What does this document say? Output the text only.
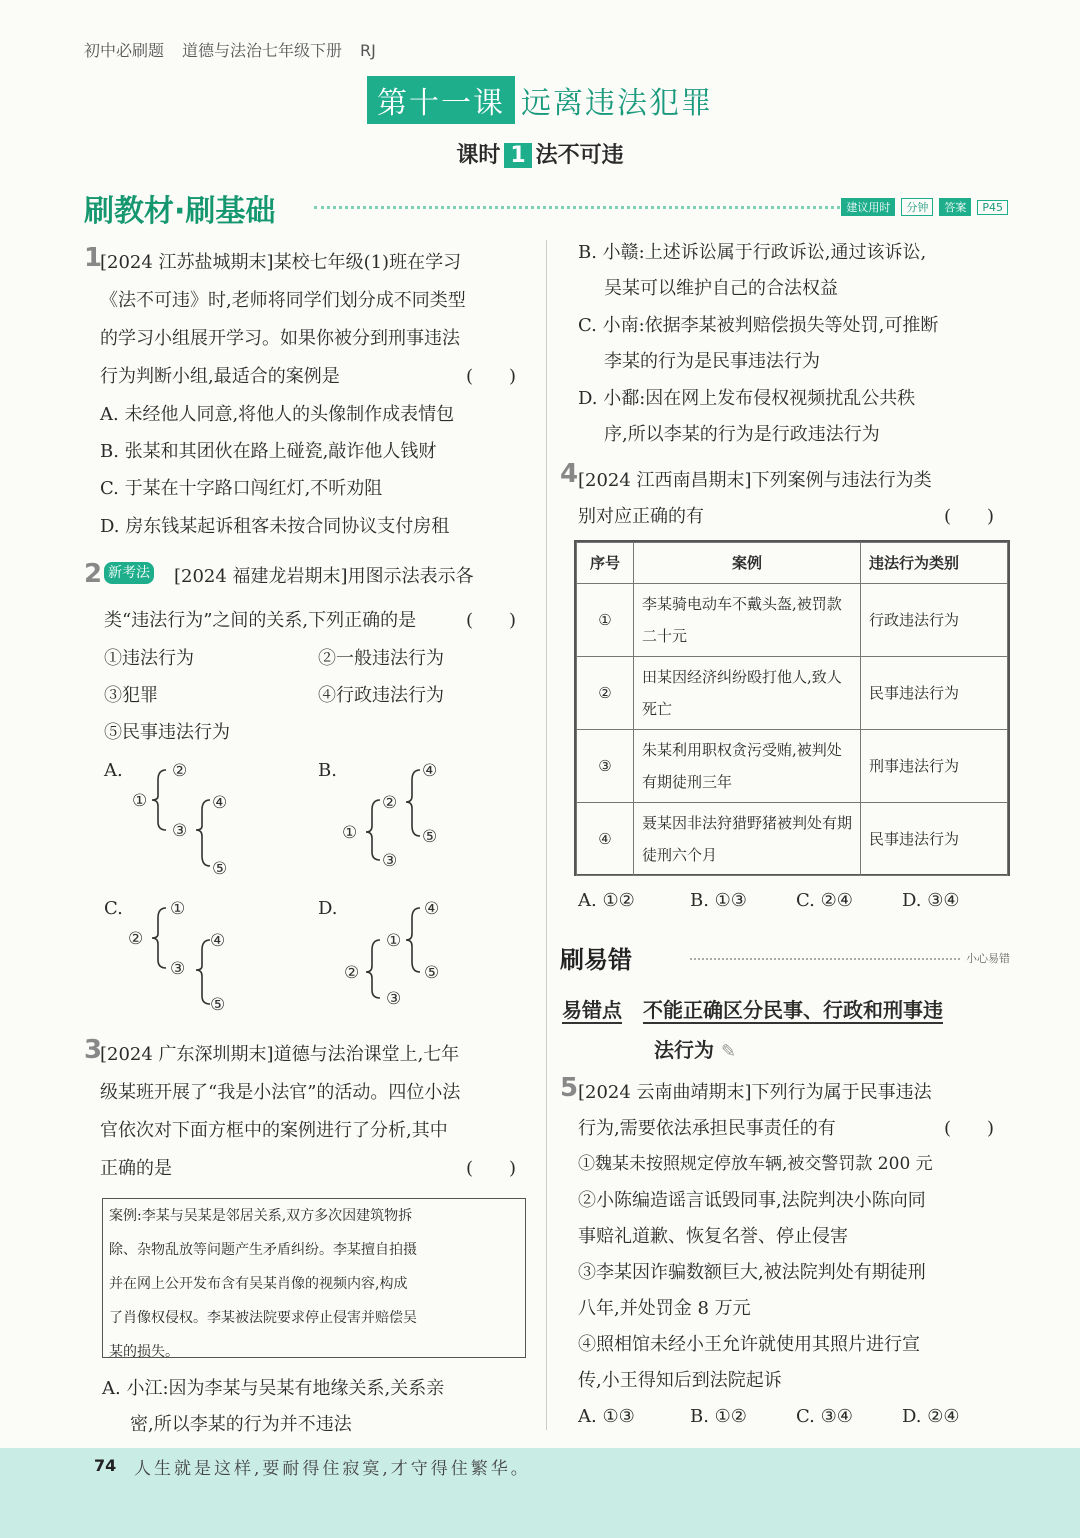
初中必刷题 道德与法治七年级下册 RJ
第十一课 远离违法犯罪
课时 1 法不可违
刷教材·刷基础	建议用时 分钟 答案 P45
1
[2024 江苏盐城期末]某校七年级(1)班在学习
《法不可违》时,老师将同学们划分成不同类型
的学习小组展开学习。如果你被分到刑事违法
行为判断小组,最适合的案例是	(　　)
A. 未经他人同意,将他人的头像制作成表情包
B. 张某和其团伙在路上碰瓷,敲诈他人钱财
C. 于某在十字路口闯红灯,不听劝阻
D. 房东钱某起诉租客未按合同协议支付房租
2 新考法 [2024 福建龙岩期末]用图示法表示各
类“违法行为”之间的关系,下列正确的是	(　　)
①违法行为	②一般违法行为
③犯罪	④行政违法行为
⑤民事违法行为
A.	B.
C.	D.
①
②
③
④
⑤
①
②
③
④
⑤
②
①
③
④
⑤
②
①
③
④
⑤
3
[2024 广东深圳期末]道德与法治课堂上,七年
级某班开展了“我是小法官”的活动。四位小法
官依次对下面方框中的案例进行了分析,其中
正确的是	(　　)
案例:李某与吴某是邻居关系,双方多次因建筑物拆
除、杂物乱放等问题产生矛盾纠纷。李某擅自拍摄
并在网上公开发布含有吴某肖像的视频内容,构成
了肖像权侵权。李某被法院要求停止侵害并赔偿吴
某的损失。
A. 小江:因为李某与吴某有地缘关系,关系亲
密,所以李某的行为并不违法
B. 小赣:上述诉讼属于行政诉讼,通过该诉讼,
吴某可以维护自己的合法权益
C. 小南:依据李某被判赔偿损失等处罚,可推断
李某的行为是民事违法行为
D. 小鄱:因在网上发布侵权视频扰乱公共秩
序,所以李某的行为是行政违法行为
4 [2024 江西南昌期末]下列案例与违法行为类
别对应正确的有	(　　)
序号	案例	违法行为类别
①	李某骑电动车不戴头盔,被罚款二十元	行政违法行为
②	田某因经济纠纷殴打他人,致人死亡	民事违法行为
③	朱某利用职权贪污受贿,被判处有期徒刑三年	刑事违法行为
④	聂某因非法狩猎野猪被判处有期徒刑六个月	民事违法行为
A. ①②	B. ①③	C. ②④	D. ③④
刷易错	小心易错
易错点 不能正确区分民事、行政和刑事违
法行为 ✎
5 [2024 云南曲靖期末]下列行为属于民事违法
行为,需要依法承担民事责任的有	(　　)
①魏某未按照规定停放车辆,被交警罚款 200 元
②小陈编造谣言诋毁同事,法院判决小陈向同
事赔礼道歉、恢复名誉、停止侵害
③李某因诈骗数额巨大,被法院判处有期徒刑
八年,并处罚金 8 万元
④照相馆未经小王允许就使用其照片进行宣
传,小王得知后到法院起诉
A. ①③	B. ①②	C. ③④	D. ②④
74 人生就是这样,要耐得住寂寞,才守得住繁华。
